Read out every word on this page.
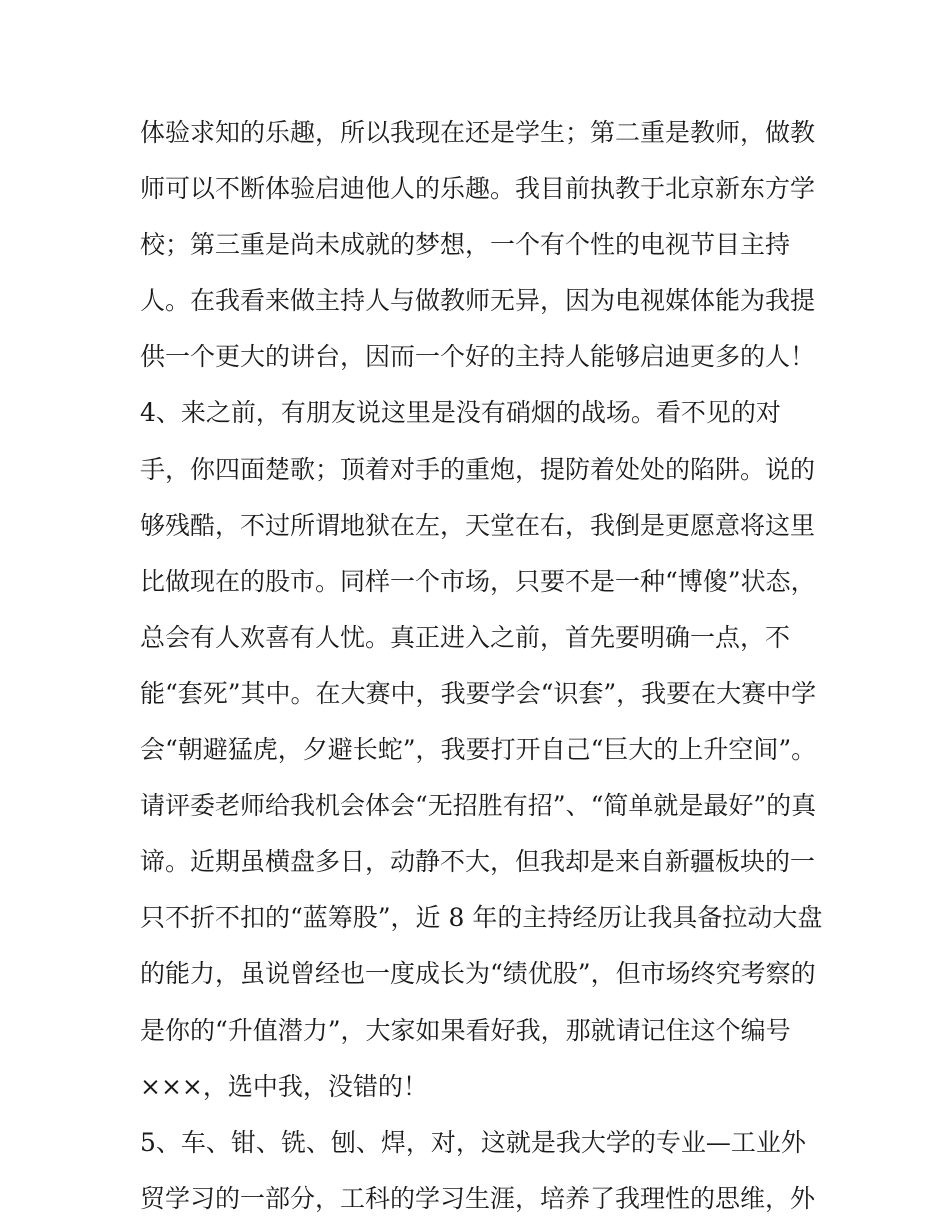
体验求知的乐趣，所以我现在还是学生；第二重是教师，做教
师可以不断体验启迪他人的乐趣。我目前执教于北京新东方学
校；第三重是尚未成就的梦想，一个有个性的电视节目主持
人。在我看来做主持人与做教师无异，因为电视媒体能为我提
供一个更大的讲台，因而一个好的主持人能够启迪更多的人！
4、来之前，有朋友说这里是没有硝烟的战场。看不见的对
手，你四面楚歌；顶着对手的重炮，提防着处处的陷阱。说的
够残酷，不过所谓地狱在左，天堂在右，我倒是更愿意将这里
比做现在的股市。同样一个市场，只要不是一种“博傻”状态，
总会有人欢喜有人忧。真正进入之前，首先要明确一点，不
能“套死”其中。在大赛中，我要学会“识套”，我要在大赛中学
会“朝避猛虎，夕避长蛇”，我要打开自己“巨大的上升空间”。
请评委老师给我机会体会“无招胜有招”、“简单就是最好”的真
谛。近期虽横盘多日，动静不大，但我却是来自新疆板块的一
只不折不扣的“蓝筹股”，近 8 年的主持经历让我具备拉动大盘
的能力，虽说曾经也一度成长为“绩优股”，但市场终究考察的
是你的“升值潜力”，大家如果看好我，那就请记住这个编号
×××，选中我，没错的！
5、车、钳、铣、刨、焊，对，这就是我大学的专业—工业外
贸学习的一部分，工科的学习生涯，培养了我理性的思维，外
